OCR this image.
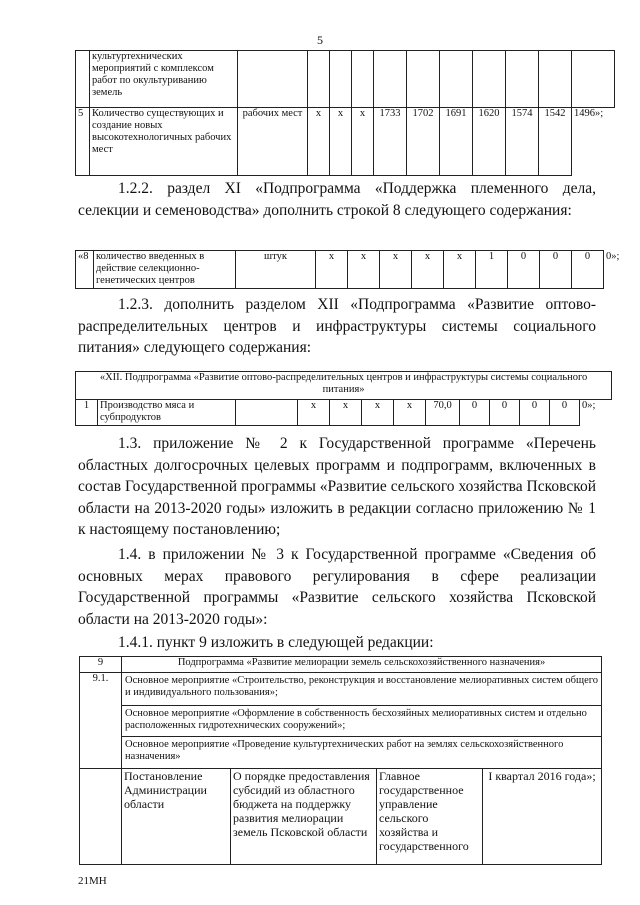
5
	культуртехнических мероприятий с комплексом работ по окультуриванию земель											
5	Количество существующих и создание новых высокотехнологичных рабочих мест	рабочих мест	x	x	x	1733	1702	1691	1620	1574	1542	1496»;
1.2.2. раздел XI «Подпрограмма «Поддержка племенного дела, селекции и семеноводства» дополнить строкой 8 следующего содержания:
«8	количество введенных в действие селекционно-генетических центров	штук	x	x	x	x	x	1	0	0	0	0»;
1.2.3. дополнить разделом XII «Подпрограмма «Развитие оптово-распределительных центров и инфраструктуры системы социального питания» следующего содержания:
«XII. Подпрограмма «Развитие оптово-распределительных центров и инфраструктуры системы социального питания»
1	Производство мяса и субпродуктов		x	x	x	x	70,0	0	0	0	0	0»;
1.3. приложение № 2 к Государственной программе «Перечень областных долгосрочных целевых программ и подпрограмм, включенных в состав Государственной программы «Развитие сельского хозяйства Псковской области на 2013-2020 годы» изложить в редакции согласно приложению № 1 к настоящему постановлению;
1.4. в приложении № 3 к Государственной программе «Сведения об основных мерах правового регулирования в сфере реализации Государственной программы «Развитие сельского хозяйства Псковской области на 2013-2020 годы»:
1.4.1. пункт 9 изложить в следующей редакции:
9	Подпрограмма «Развитие мелиорации земель сельскохозяйственного назначения»			
9.1.	Основное мероприятие «Строительство, реконструкция и восстановление мелиоративных систем общего и индивидуального пользования»;
Основное мероприятие «Оформление в собственность бесхозяйных мелиоративных систем и отдельно расположенных гидротехнических сооружений»;
Основное мероприятие «Проведение культуртехнических работ на землях сельскохозяйственного назначения»			

	Постановление Администрации области	О порядке предоставления субсидий из областного бюджета на поддержку развития мелиорации земель Псковской области	Главное государственное управление сельского хозяйства и государственного	I квартал 2016 года»;
21МН
